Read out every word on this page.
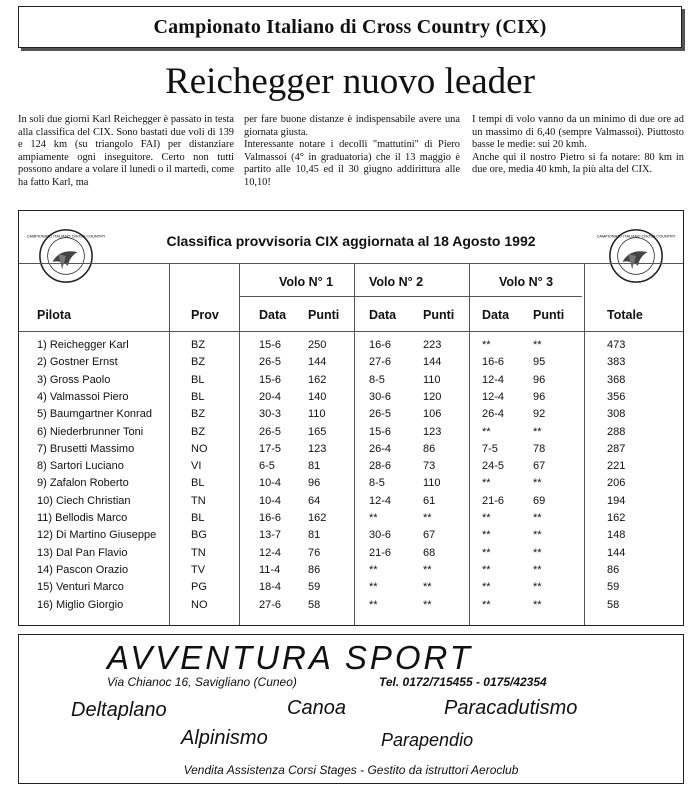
Campionato Italiano di Cross Country (CIX)
Reichegger nuovo leader

In soli due giorni Karl Reichegger è passato in testa alla classifica del CIX. Sono bastati due voli di 139 e 124 km (su triangolo FAI) per distanziare ampiamente ogni inseguitore. Certo non tutti possono andare a volare il lunedì o il martedì, come ha fatto Karl, ma

per fare buone distanze è indispensabile avere una giornata giusta.

Interessante notare i decolli "mattutini" di Piero Valmassoi (4° in graduatoria) che il 13 maggio è partito alle 10,45 ed il 30 giugno addirittura alle 10,10!

I tempi di volo vanno da un minimo di due ore ad un massimo di 6,40 (sempre Valmassoi). Piuttosto basse le medie: sui 20 kmh.

Anche qui il nostro Pietro si fa notare: 80 km in due ore, media 40 kmh, la più alta del CIX.

CAMPIONATO ITALIANO CROSS COUNTRY	CAMPIONATO ITALIANO CROSS COUNTRY
Classifica provvisoria CIX aggiornata al 18 Agosto 1992
Volo N° 1	Volo N° 2	Volo N° 3
Pilota	Prov	Data Punti Data Punti Data Punti	Totale
1) Reichegger Karl	BZ	15-6 250	16-6	223	**	**	473
2) Gostner Ernst	BZ	26-5 144	27-6	144	16-6	95	383
3) Gross Paolo	BL	15-6 162	8-5	110	12-4	96	368
4) Valmassoi Piero	BL	20-4 140	30-6	120	12-4	96	356
5) Baumgartner Konrad	BZ	30-3 110	26-5	106	26-4	92	308
6) Niederbrunner Toni	BZ	26-5 165	15-6	123	**	**	288
7) Brusetti Massimo	NO	17-5 123	26-4	86	7-5	78	287
8) Sartori Luciano	VI	6-5	81	28-6	73	24-5	67	221
9) Zafalon Roberto	BL	10-4 96	8-5	110	**	**	206
10) Ciech Christian	TN	10-4 64	12-4	61	21-6	69	194
11) Bellodis Marco	BL	16-6 162	**	**	**	**	162
12) Di Martino Giuseppe	BG	13-7 81	30-6	67	**	**	148
13) Dal Pan Flavio	TN	12-4 76	21-6	68	**	**	144
14) Pascon Orazio	TV	11-4	86	**	**	**	**	86
15) Venturi Marco	PG	18-4 59	**	**	**	**	59
16) Miglio Giorgio	NO	27-6 58	**	**	**	**	58
AVVENTURA SPORT
Via Chianoc 16, Savigliano (Cuneo)	Tel. 0172/715455 - 0175/42354
Deltaplano	Canoa	Paracadutismo
Alpinismo	Parapendio
Vendita Assistenza Corsi Stages - Gestito da istruttori Aeroclub
